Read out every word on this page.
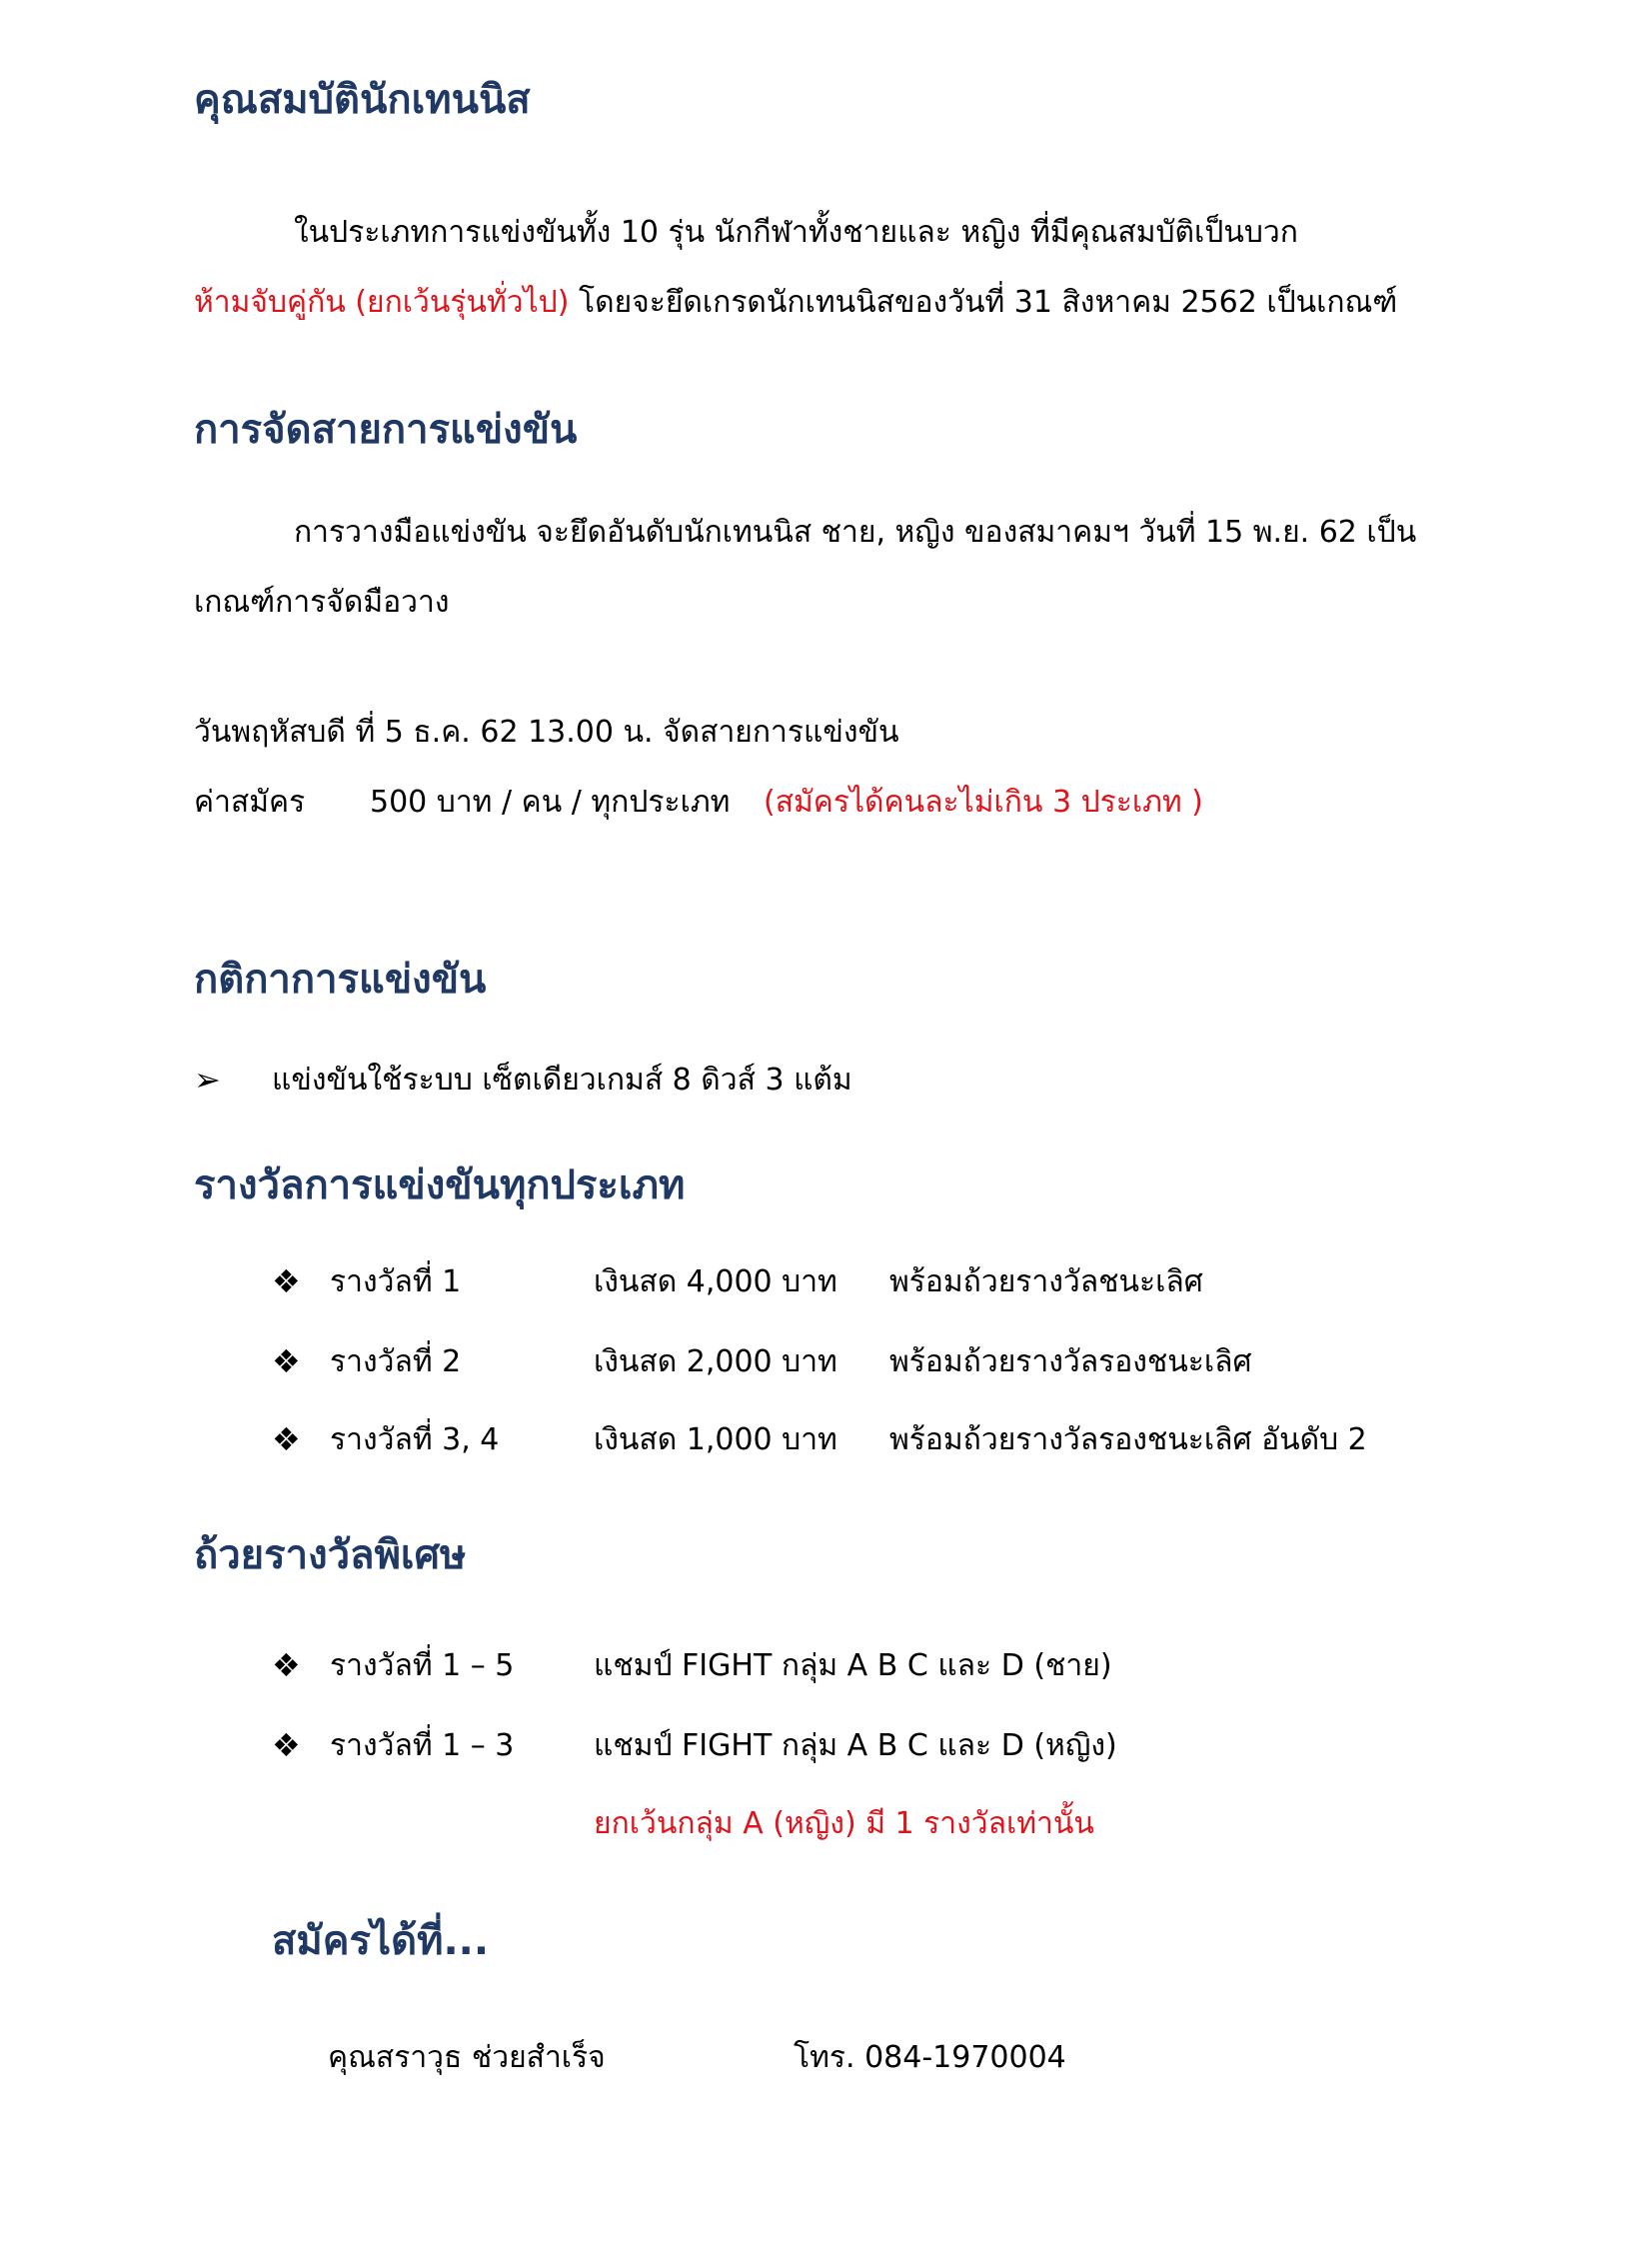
คุณสมบัตินักเทนนิส
ในประเภทการแข่งขันทั้ง 10 รุ่น นักกีฬาทั้งชายและ หญิง ที่มีคุณสมบัติเป็นบวก
ห้ามจับคู่กัน (ยกเว้นรุ่นทั่วไป) โดยจะยึดเกรดนักเทนนิสของวันที่ 31 สิงหาคม 2562 เป็นเกณฑ์
การจัดสายการแข่งขัน
การวางมือแข่งขัน จะยึดอันดับนักเทนนิส ชาย, หญิง ของสมาคมฯ วันที่ 15 พ.ย. 62 เป็น
เกณฑ์การจัดมือวาง
วันพฤหัสบดี ที่ 5 ธ.ค. 62 13.00 น. จัดสายการแข่งขัน
ค่าสมัคร 500 บาท / คน / ทุกประเภท (สมัครได้คนละไม่เกิน 3 ประเภท )
กติกาการแข่งขัน
➢ แข่งขันใช้ระบบ เซ็ตเดียวเกมส์ 8 ดิวส์ 3 แต้ม
รางวัลการแข่งขันทุกประเภท
❖ รางวัลที่ 1	เงินสด 4,000 บาท พร้อมถ้วยรางวัลชนะเลิศ
❖ รางวัลที่ 2	เงินสด 2,000 บาท พร้อมถ้วยรางวัลรองชนะเลิศ
❖ รางวัลที่ 3, 4	เงินสด 1,000 บาท พร้อมถ้วยรางวัลรองชนะเลิศ อันดับ 2
ถ้วยรางวัลพิเศษ
❖ รางวัลที่ 1 – 5	แชมป์ FIGHT กลุ่ม A B C และ D (ชาย)
❖ รางวัลที่ 1 – 3	แชมป์ FIGHT กลุ่ม A B C และ D (หญิง)
ยกเว้นกลุ่ม A (หญิง) มี 1 รางวัลเท่านั้น
สมัครได้ที่...
คุณสราวุธ ช่วยสำเร็จ	โทร. 084-1970004
